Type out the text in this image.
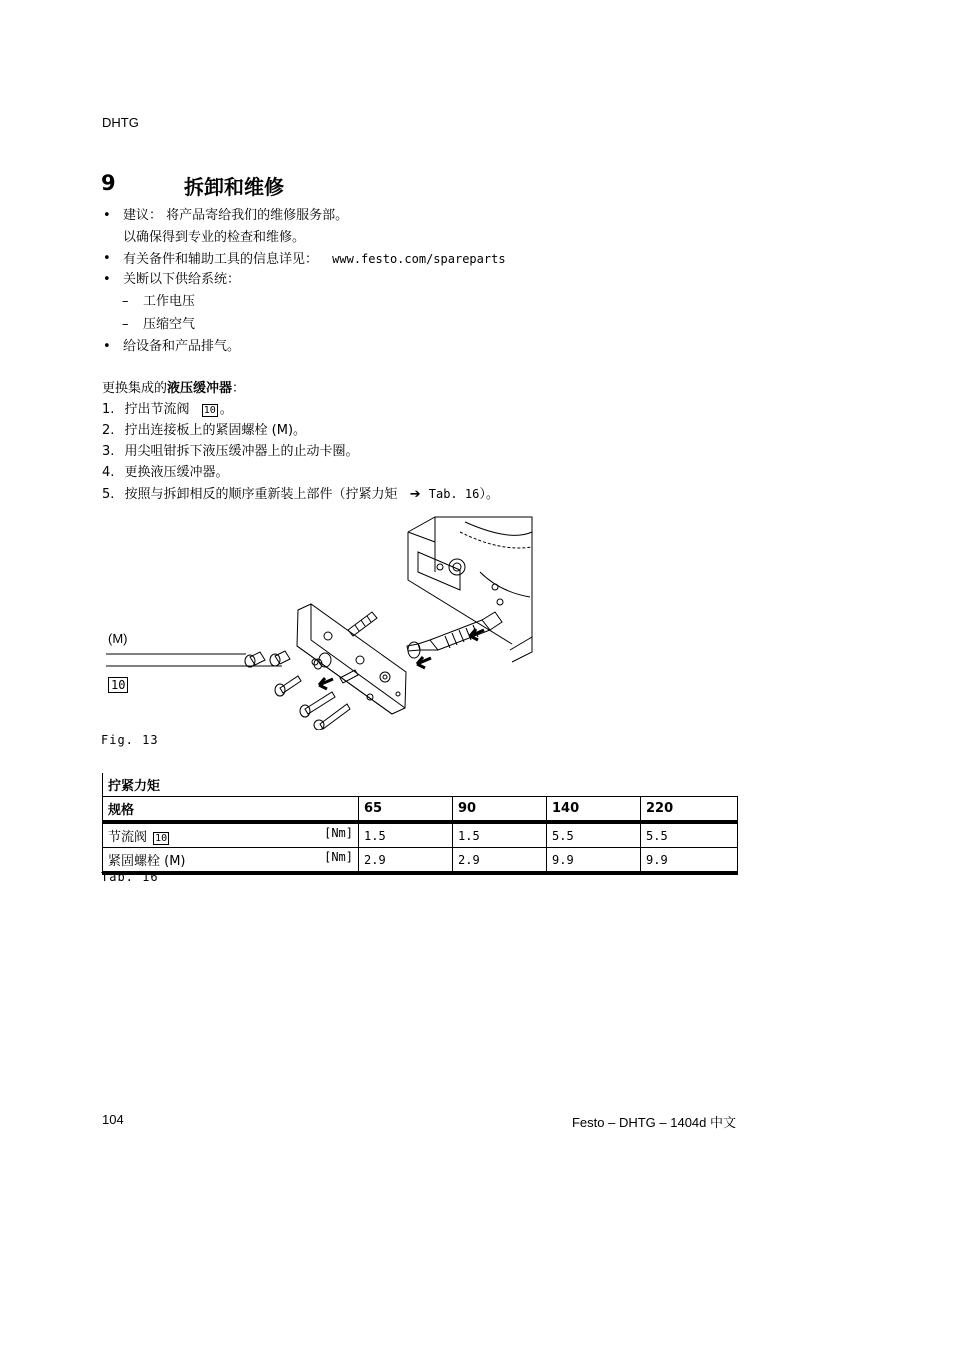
DHTG
9	拆卸和维修
• 建议： 将产品寄给我们的维修服务部。
以确保得到专业的检查和维修。
• 有关备件和辅助工具的信息详见： www.festo.com/spareparts
• 关断以下供给系统：
– 工作电压
– 压缩空气
• 给设备和产品排气。
更换集成的液压缓冲器：
1. 拧出节流阀 10 。
2. 拧出连接板上的紧固螺栓 (M)。
3. 用尖咀钳拆下液压缓冲器上的止动卡圈。
4. 更换液压缓冲器。
5. 按照与拆卸相反的顺序重新装上部件（拧紧力矩 ➔ Tab. 16）。
(M)
10
Fig. 13
拧紧力矩				
规格	65	90	140	220
节流阀 10 [Nm]	1.5	1.5	5.5	5.5
紧固螺栓 (M) [Nm]	2.9	2.9	9.9	9.9
Tab. 16
104	Festo – DHTG – 1404d 中文
